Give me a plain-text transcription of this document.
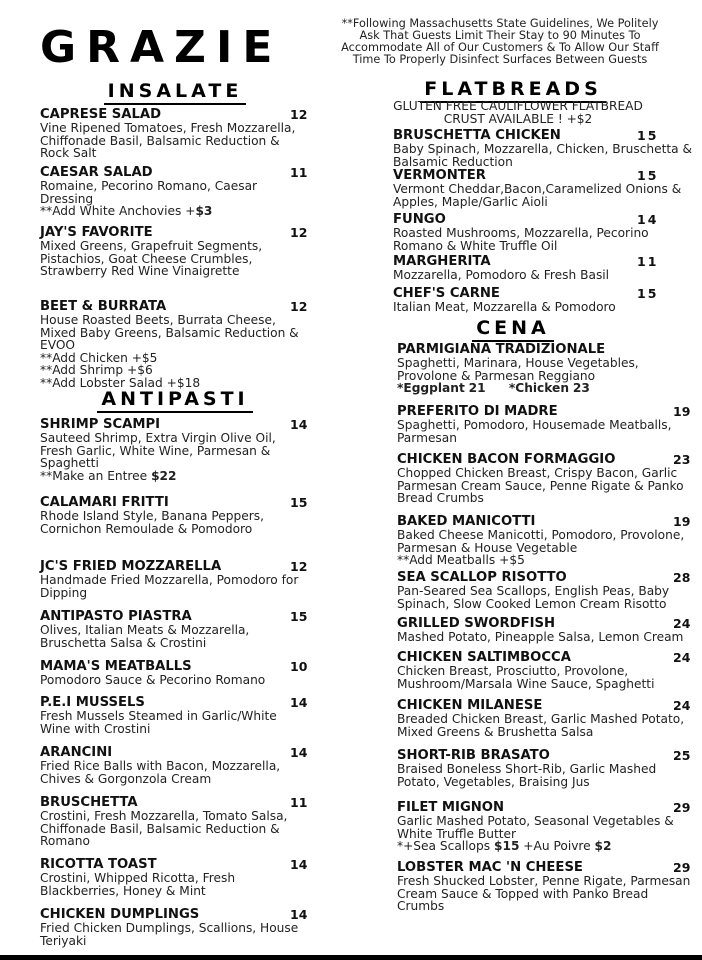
GRAZIE	**Following Massachusetts State Guidelines, We Politely Ask That Guests Limit Their Stay to 90 Minutes To Accommodate All of Our Customers & To Allow Our Staff Time To Properly Disinfect Surfaces Between Guests
INSALATE
CAPRESE SALAD	12
Vine Ripened Tomatoes, Fresh Mozzarella, Chiffonade Basil, Balsamic Reduction & Rock Salt
CAESAR SALAD	11
Romaine, Pecorino Romano, Caesar Dressing
**Add White Anchovies +$3
JAY'S FAVORITE	12
Mixed Greens, Grapefruit Segments, Pistachios, Goat Cheese Crumbles, Strawberry Red Wine Vinaigrette
BEET & BURRATA	12
House Roasted Beets, Burrata Cheese, Mixed Baby Greens, Balsamic Reduction & EVOO
**Add Chicken +$5
**Add Shrimp +$6
**Add Lobster Salad +$18
ANTIPASTI
SHRIMP SCAMPI	14
Sauteed Shrimp, Extra Virgin Olive Oil, Fresh Garlic, White Wine, Parmesan & Spaghetti
**Make an Entree $22
CALAMARI FRITTI	15
Rhode Island Style, Banana Peppers, Cornichon Remoulade & Pomodoro
JC'S FRIED MOZZARELLA	12
Handmade Fried Mozzarella, Pomodoro for Dipping
ANTIPASTO PIASTRA	15
Olives, Italian Meats & Mozzarella, Bruschetta Salsa & Crostini
MAMA'S MEATBALLS	10
Pomodoro Sauce & Pecorino Romano
P.E.I MUSSELS	14
Fresh Mussels Steamed in Garlic/White Wine with Crostini
ARANCINI	14
Fried Rice Balls with Bacon, Mozzarella, Chives & Gorgonzola Cream
BRUSCHETTA	11
Crostini, Fresh Mozzarella, Tomato Salsa, Chiffonade Basil, Balsamic Reduction & Romano
RICOTTA TOAST	14
Crostini, Whipped Ricotta, Fresh Blackberries, Honey & Mint
CHICKEN DUMPLINGS	14
Fried Chicken Dumplings, Scallions, House Teriyaki
FLATBREADS
GLUTEN FREE CAULIFLOWER FLATBREAD CRUST AVAILABLE ! +$2
BRUSCHETTA CHICKEN	15
Baby Spinach, Mozzarella, Chicken, Bruschetta & Balsamic Reduction
VERMONTER	15
Vermont Cheddar,Bacon,Caramelized Onions & Apples, Maple/Garlic Aioli
FUNGO	14
Roasted Mushrooms, Mozzarella, Pecorino Romano & White Truffle Oil
MARGHERITA	11
Mozzarella, Pomodoro & Fresh Basil
CHEF'S CARNE	15
Italian Meat, Mozzarella & Pomodoro
CENA
PARMIGIANA TRADIZIONALE
Spaghetti, Marinara, House Vegetables, Provolone & Parmesan Reggiano
*Eggplant 21 *Chicken 23
PREFERITO DI MADRE	19
Spaghetti, Pomodoro, Housemade Meatballs, Parmesan
CHICKEN BACON FORMAGGIO	23
Chopped Chicken Breast, Crispy Bacon, Garlic Parmesan Cream Sauce, Penne Rigate & Panko Bread Crumbs
BAKED MANICOTTI	19
Baked Cheese Manicotti, Pomodoro, Provolone, Parmesan & House Vegetable
**Add Meatballs +$5
SEA SCALLOP RISOTTO	28
Pan-Seared Sea Scallops, English Peas, Baby Spinach, Slow Cooked Lemon Cream Risotto
GRILLED SWORDFISH	24
Mashed Potato, Pineapple Salsa, Lemon Cream
CHICKEN SALTIMBOCCA	24
Chicken Breast, Prosciutto, Provolone, Mushroom/Marsala Wine Sauce, Spaghetti
CHICKEN MILANESE	24
Breaded Chicken Breast, Garlic Mashed Potato, Mixed Greens & Brushetta Salsa
SHORT-RIB BRASATO	25
Braised Boneless Short-Rib, Garlic Mashed Potato, Vegetables, Braising Jus
FILET MIGNON	29
Garlic Mashed Potato, Seasonal Vegetables & White Truffle Butter
*+Sea Scallops $15 +Au Poivre $2
LOBSTER MAC 'N CHEESE	29
Fresh Shucked Lobster, Penne Rigate, Parmesan Cream Sauce & Topped with Panko Bread Crumbs
